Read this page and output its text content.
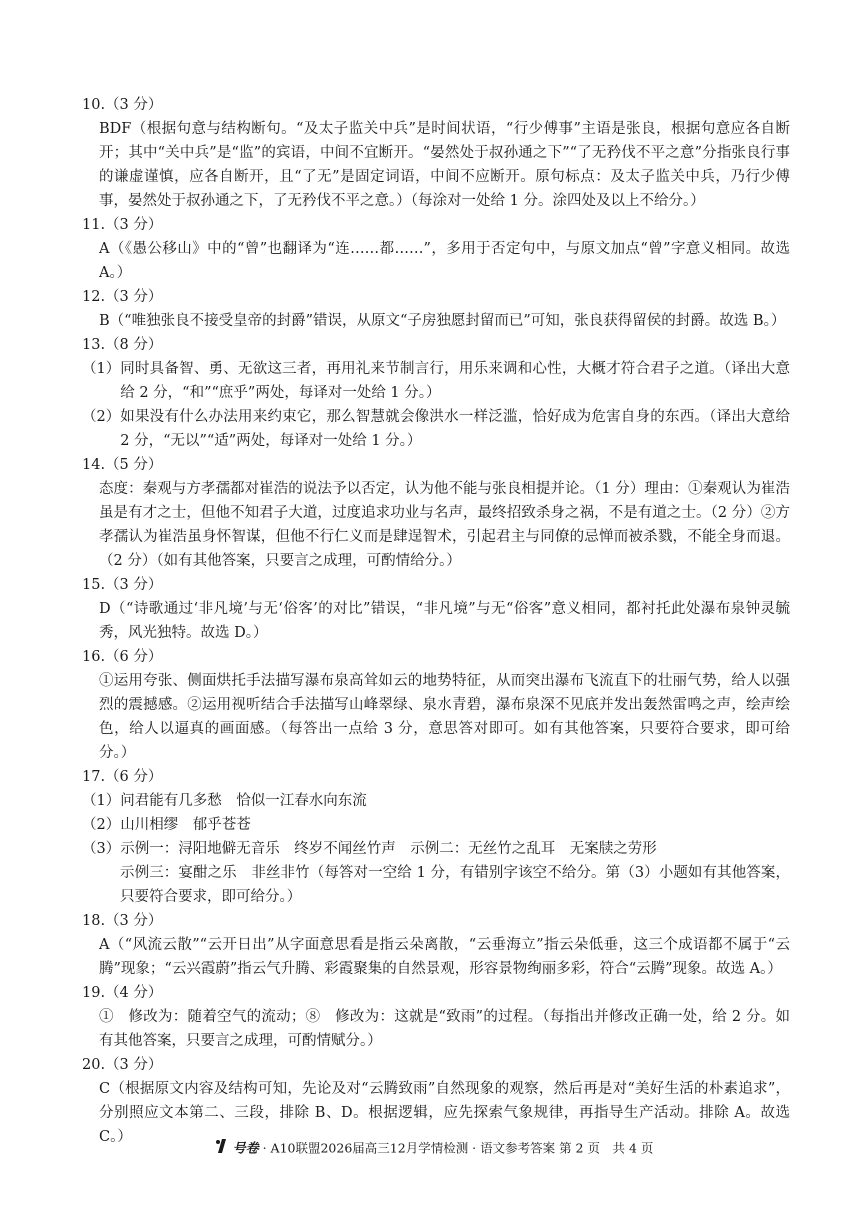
10.（3 分）
BDF（根据句意与结构断句。“及太子监关中兵”是时间状语，“行少傅事”主语是张良，根据句意应各自断开；其中“关中兵”是“监”的宾语，中间不宜断开。“晏然处于叔孙通之下”“了无矜伐不平之意”分指张良行事的谦虚谨慎，应各自断开，且“了无”是固定词语，中间不应断开。原句标点：及太子监关中兵，乃行少傅事，晏然处于叔孙通之下，了无矜伐不平之意。）（每涂对一处给 1 分。涂四处及以上不给分。）
11.（3 分）
A（《愚公移山》中的“曾”也翻译为“连……都……”，多用于否定句中，与原文加点“曾”字意义相同。故选 A。）
12.（3 分）
B（“唯独张良不接受皇帝的封爵”错误，从原文“子房独愿封留而已”可知，张良获得留侯的封爵。故选 B。）
13.（8 分）
（1） 同时具备智、勇、无欲这三者，再用礼来节制言行，用乐来调和心性，大概才符合君子之道。（译出大意给 2 分，“和”“庶乎”两处，每译对一处给 1 分。）
（2） 如果没有什么办法用来约束它，那么智慧就会像洪水一样泛滥，恰好成为危害自身的东西。（译出大意给 2 分，“无以”“适”两处，每译对一处给 1 分。）
14.（5 分）
态度：秦观与方孝孺都对崔浩的说法予以否定，认为他不能与张良相提并论。（1 分）理由：①秦观认为崔浩虽是有才之士，但他不知君子大道，过度追求功业与名声，最终招致杀身之祸，不是有道之士。（2 分）②方孝孺认为崔浩虽身怀智谋，但他不行仁义而是肆逞智术，引起君主与同僚的忌惮而被杀戮，不能全身而退。（2 分）（如有其他答案，只要言之成理，可酌情给分。）
15.（3 分）
D（“诗歌通过‘非凡境’与无‘俗客’的对比”错误，“非凡境”与无“俗客”意义相同，都衬托此处瀑布泉钟灵毓秀，风光独特。故选 D。）
16.（6 分）
①运用夸张、侧面烘托手法描写瀑布泉高耸如云的地势特征，从而突出瀑布飞流直下的壮丽气势，给人以强烈的震撼感。②运用视听结合手法描写山峰翠绿、泉水青碧，瀑布泉深不见底并发出轰然雷鸣之声，绘声绘色，给人以逼真的画面感。（每答出一点给 3 分，意思答对即可。如有其他答案，只要符合要求，即可给分。）
17.（6 分）
（1） 问君能有几多愁　恰似一江春水向东流
（2） 山川相缪　郁乎苍苍
（3） 示例一：浔阳地僻无音乐　终岁不闻丝竹声　示例二：无丝竹之乱耳　无案牍之劳形
示例三：宴酣之乐　非丝非竹（每答对一空给 1 分，有错别字该空不给分。第（3）小题如有其他答案，只要符合要求，即可给分。）
18.（3 分）
A（“风流云散”“云开日出”从字面意思看是指云朵离散，“云垂海立”指云朵低垂，这三个成语都不属于“云腾”现象；“云兴霞蔚”指云气升腾、彩霞聚集的自然景观，形容景物绚丽多彩，符合“云腾”现象。故选 A。）
19.（4 分）
①　修改为：随着空气的流动；⑧　修改为：这就是“致雨”的过程。（每指出并修改正确一处，给 2 分。如有其他答案，只要言之成理，可酌情赋分。）
20.（3 分）
C（根据原文内容及结构可知，先论及对“云腾致雨”自然现象的观察，然后再是对“美好生活的朴素追求”，分别照应文本第二、三段，排除 B、D。根据逻辑，应先探索气象规律，再指导生产活动。排除 A。故选 C。）
号卷 · A10联盟2026届高三12月学情检测 · 语文参考答案 第 2 页　共 4 页
